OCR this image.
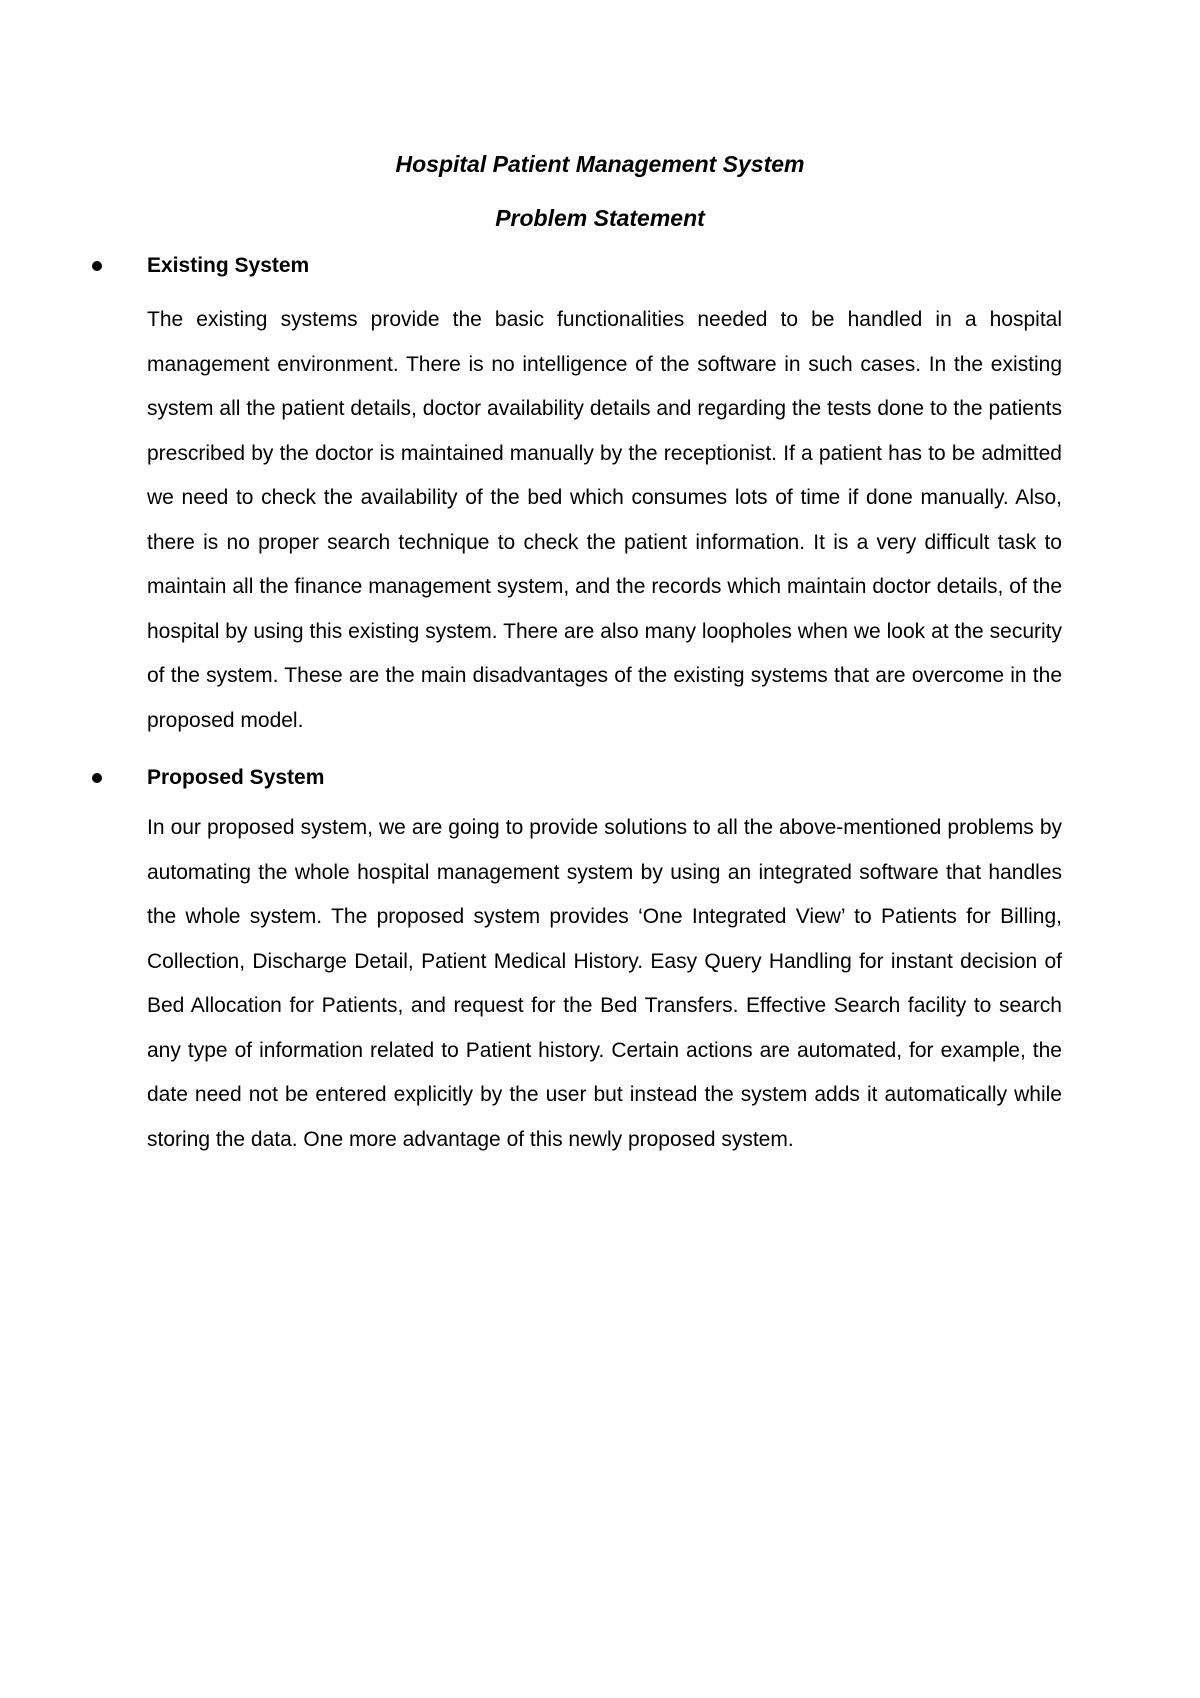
Hospital Patient Management System
Problem Statement
Existing System

The existing systems provide the basic functionalities needed to be handled in a hospital management environment. There is no intelligence of the software in such cases. In the existing system all the patient details, doctor availability details and regarding the tests done to the patients prescribed by the doctor is maintained manually by the receptionist. If a patient has to be admitted we need to check the availability of the bed which consumes lots of time if done manually. Also, there is no proper search technique to check the patient information. It is a very difficult task to maintain all the finance management system, and the records which maintain doctor details, of the hospital by using this existing system. There are also many loopholes when we look at the security of the system. These are the main disadvantages of the existing systems that are overcome in the proposed model.

Proposed System

In our proposed system, we are going to provide solutions to all the above-mentioned problems by automating the whole hospital management system by using an integrated software that handles the whole system. The proposed system provides ‘One Integrated View’ to Patients for Billing, Collection, Discharge Detail, Patient Medical History. Easy Query Handling for instant decision of Bed Allocation for Patients, and request for the Bed Transfers. Effective Search facility to search any type of information related to Patient history. Certain actions are automated, for example, the date need not be entered explicitly by the user but instead the system adds it automatically while storing the data. One more advantage of this newly proposed system.
